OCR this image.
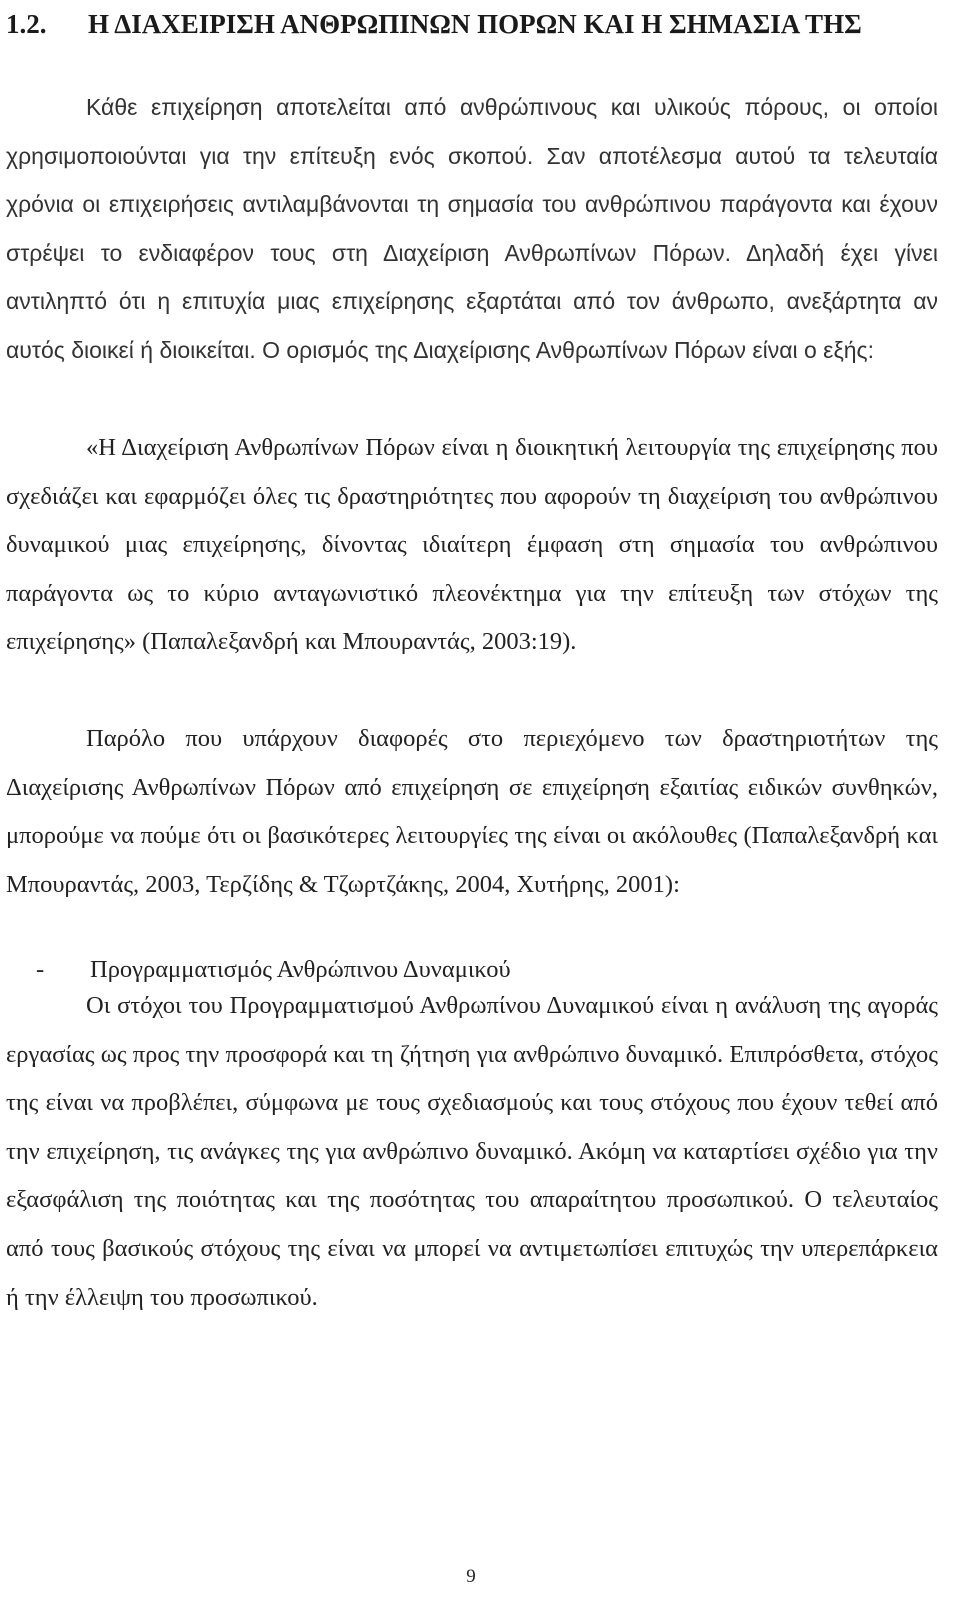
1.2. Η ΔΙΑΧΕΙΡΙΣΗ ΑΝΘΡΩΠΙΝΩΝ ΠΟΡΩΝ ΚΑΙ Η ΣΗΜΑΣΙΑ ΤΗΣ

Κάθε επιχείρηση αποτελείται από ανθρώπινους και υλικούς πόρους, οι οποίοι χρησιμοποιούνται για την επίτευξη ενός σκοπού. Σαν αποτέλεσμα αυτού τα τελευταία χρόνια οι επιχειρήσεις αντιλαμβάνονται τη σημασία του ανθρώπινου παράγοντα και έχουν στρέψει το ενδιαφέρον τους στη Διαχείριση Ανθρωπίνων Πόρων. Δηλαδή έχει γίνει αντιληπτό ότι η επιτυχία μιας επιχείρησης εξαρτάται από τον άνθρωπο, ανεξάρτητα αν αυτός διοικεί ή διοικείται. Ο ορισμός της Διαχείρισης Ανθρωπίνων Πόρων είναι ο εξής:

«Η Διαχείριση Ανθρωπίνων Πόρων είναι η διοικητική λειτουργία της επιχείρησης που σχεδιάζει και εφαρμόζει όλες τις δραστηριότητες που αφορούν τη διαχείριση του ανθρώπινου δυναμικού μιας επιχείρησης, δίνοντας ιδιαίτερη έμφαση στη σημασία του ανθρώπινου παράγοντα ως το κύριο ανταγωνιστικό πλεονέκτημα για την επίτευξη των στόχων της επιχείρησης» (Παπαλεξανδρή και Μπουραντάς, 2003:19).

Παρόλο που υπάρχουν διαφορές στο περιεχόμενο των δραστηριοτήτων της Διαχείρισης Ανθρωπίνων Πόρων από επιχείρηση σε επιχείρηση εξαιτίας ειδικών συνθηκών, μπορούμε να πούμε ότι οι βασικότερες λειτουργίες της είναι οι ακόλουθες (Παπαλεξανδρή και Μπουραντάς, 2003, Τερζίδης & Τζωρτζάκης, 2004, Χυτήρης, 2001):

- Προγραμματισμός Ανθρώπινου Δυναμικού

Οι στόχοι του Προγραμματισμού Ανθρωπίνου Δυναμικού είναι η ανάλυση της αγοράς εργασίας ως προς την προσφορά και τη ζήτηση για ανθρώπινο δυναμικό. Επιπρόσθετα, στόχος της είναι να προβλέπει, σύμφωνα με τους σχεδιασμούς και τους στόχους που έχουν τεθεί από την επιχείρηση, τις ανάγκες της για ανθρώπινο δυναμικό. Ακόμη να καταρτίσει σχέδιο για την εξασφάλιση της ποιότητας και της ποσότητας του απαραίτητου προσωπικού. Ο τελευταίος από τους βασικούς στόχους της είναι να μπορεί να αντιμετωπίσει επιτυχώς την υπερεπάρκεια ή την έλλειψη του προσωπικού.

9
